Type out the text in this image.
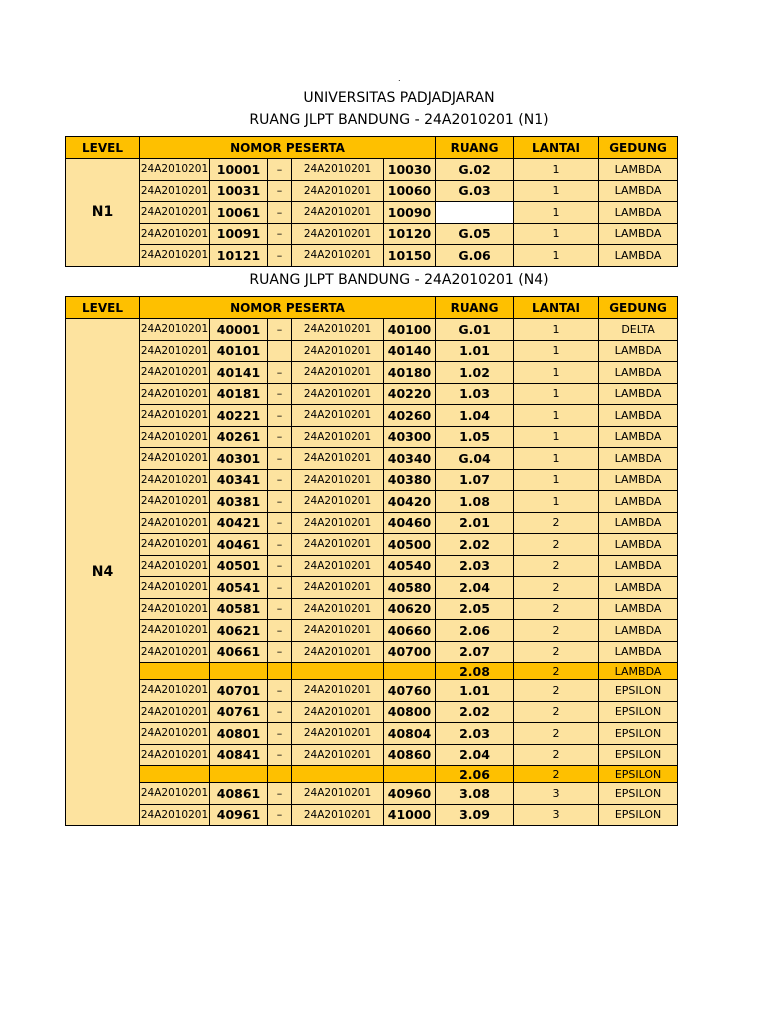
.
UNIVERSITAS PADJADJARAN
RUANG JLPT BANDUNG - 24A2010201 (N1)
LEVEL	NOMOR PESERTA					RUANG	LANTAI	GEDUNG
N1	24A2010201	10001	–	24A2010201	10030	G.02	1	LAMBDA
	24A2010201	10031	–	24A2010201	10060	G.03	1	LAMBDA
	24A2010201	10061	–	24A2010201	10090		1	LAMBDA
	24A2010201	10091	–	24A2010201	10120	G.05	1	LAMBDA
	24A2010201	10121	–	24A2010201	10150	G.06	1	LAMBDA
RUANG JLPT BANDUNG - 24A2010201 (N4)
LEVEL	NOMOR PESERTA					RUANG	LANTAI	GEDUNG
N4	24A2010201	40001	–	24A2010201	40100	G.01	1	DELTA
	24A2010201	40101		24A2010201	40140	1.01	1	LAMBDA
	24A2010201	40141	–	24A2010201	40180	1.02	1	LAMBDA
	24A2010201	40181	–	24A2010201	40220	1.03	1	LAMBDA
	24A2010201	40221	–	24A2010201	40260	1.04	1	LAMBDA
	24A2010201	40261	–	24A2010201	40300	1.05	1	LAMBDA
	24A2010201	40301	–	24A2010201	40340	G.04	1	LAMBDA
	24A2010201	40341	–	24A2010201	40380	1.07	1	LAMBDA
	24A2010201	40381	–	24A2010201	40420	1.08	1	LAMBDA
	24A2010201	40421	–	24A2010201	40460	2.01	2	LAMBDA
	24A2010201	40461	–	24A2010201	40500	2.02	2	LAMBDA
	24A2010201	40501	–	24A2010201	40540	2.03	2	LAMBDA
	24A2010201	40541	–	24A2010201	40580	2.04	2	LAMBDA
	24A2010201	40581	–	24A2010201	40620	2.05	2	LAMBDA
	24A2010201	40621	–	24A2010201	40660	2.06	2	LAMBDA
	24A2010201	40661	–	24A2010201	40700	2.07	2	LAMBDA
						2.08	2	LAMBDA
	24A2010201	40701	–	24A2010201	40760	1.01	2	EPSILON
	24A2010201	40761	–	24A2010201	40800	2.02	2	EPSILON
	24A2010201	40801	–	24A2010201	40804	2.03	2	EPSILON
	24A2010201	40841	–	24A2010201	40860	2.04	2	EPSILON
						2.06	2	EPSILON
	24A2010201	40861	–	24A2010201	40960	3.08	3	EPSILON
	24A2010201	40961	–	24A2010201	41000	3.09	3	EPSILON
